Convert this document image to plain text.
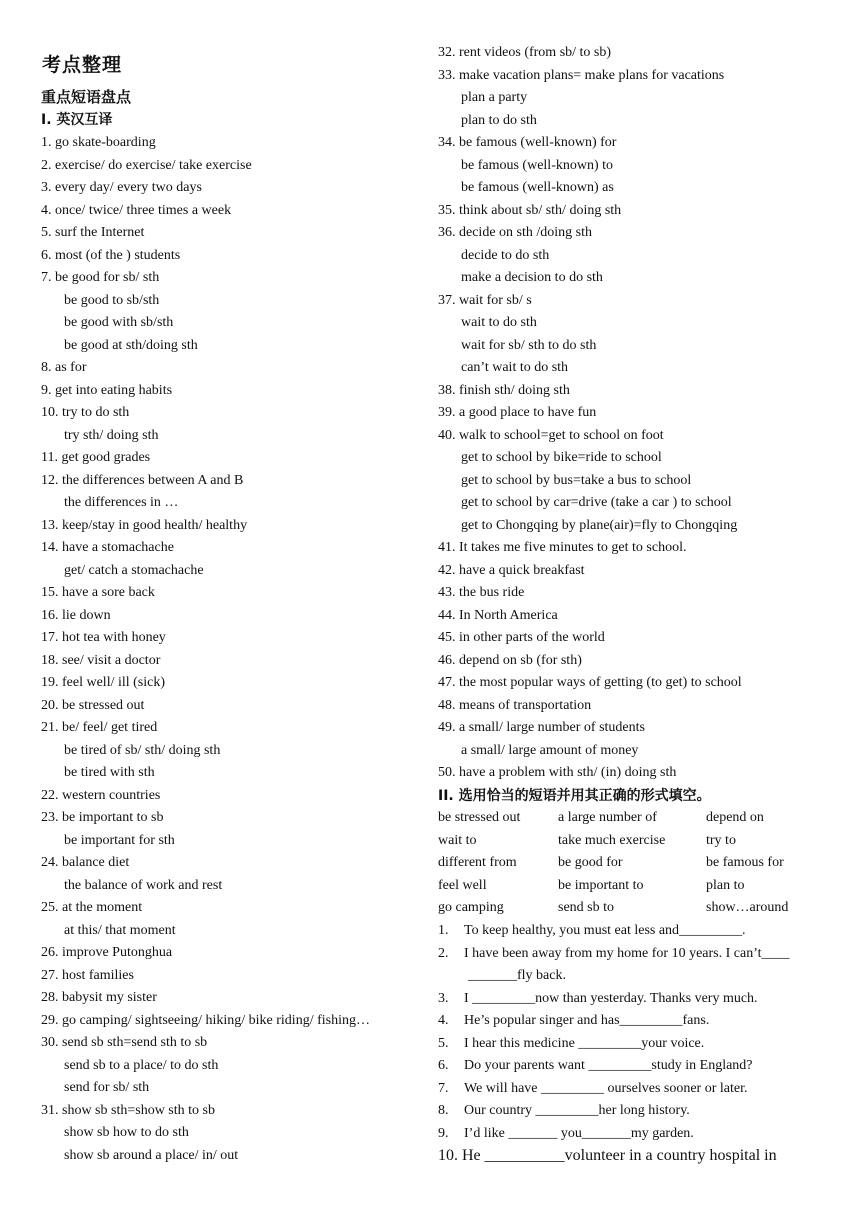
考点整理
重点短语盘点
I. 英汉互译
1. go skate-boarding
2. exercise/ do exercise/ take exercise
3. every day/ every two days
4. once/ twice/ three times a week
5. surf the Internet
6. most (of the ) students
7. be good for sb/ sth
be good to sb/sth
be good with sb/sth
be good at sth/doing sth
8. as for
9. get into eating habits
10. try to do sth
try sth/ doing sth
11. get good grades
12. the differences between A and B
the differences in …
13. keep/stay in good health/ healthy
14. have a stomachache
get/ catch a stomachache
15. have a sore back
16. lie down
17. hot tea with honey
18. see/ visit a doctor
19. feel well/ ill (sick)
20. be stressed out
21. be/ feel/ get tired
be tired of sb/ sth/ doing sth
be tired with sth
22. western countries
23. be important to sb
be important for sth
24. balance diet
the balance of work and rest
25. at the moment
at this/ that moment
26. improve Putonghua
27. host families
28. babysit my sister
29. go camping/ sightseeing/ hiking/ bike riding/ fishing…
30. send sb sth=send sth to sb
send sb to a place/ to do sth
send for sb/ sth
31. show sb sth=show sth to sb
show sb how to do sth
show sb around a place/ in/ out
32. rent videos (from sb/ to sb)
33. make vacation plans= make plans for vacations
plan a party
plan to do sth
34. be famous (well-known) for
be famous (well-known) to
be famous (well-known) as
35. think about sb/ sth/ doing sth
36. decide on sth /doing sth
decide to do sth
make a decision to do sth
37. wait for sb/ s
wait to do sth
wait for sb/ sth to do sth
can’t wait to do sth
38. finish sth/ doing sth
39. a good place to have fun
40. walk to school=get to school on foot
get to school by bike=ride to school
get to school by bus=take a bus to school
get to school by car=drive (take a car ) to school
get to Chongqing by plane(air)=fly to Chongqing
41. It takes me five minutes to get to school.
42. have a quick breakfast
43. the bus ride
44. In North America
45. in other parts of the world
46. depend on sb (for sth)
47. the most popular ways of getting (to get) to school
48. means of transportation
49. a small/ large number of students
a small/ large amount of money
50. have a problem with sth/ (in) doing sth
II. 选用恰当的短语并用其正确的形式填空。
be stressed out	a large number of	depend on
wait to	take much exercise	try to
different from	be good for	be famous for
feel well	be important to	plan to
go camping	send sb to	show…around
1. To keep healthy, you must eat less and_________.
2. I have been away from my home for 10 years. I can’t____
_______fly back.
3. I _________now than yesterday. Thanks very much.
4. He’s popular singer and has_________fans.
5. I hear this medicine _________your voice.
6. Do your parents want _________study in England?
7. We will have _________ ourselves sooner or later.
8. Our country _________her long history.
9. I’d like _______ you_______my garden.
10. He __________volunteer in a country hospital in
